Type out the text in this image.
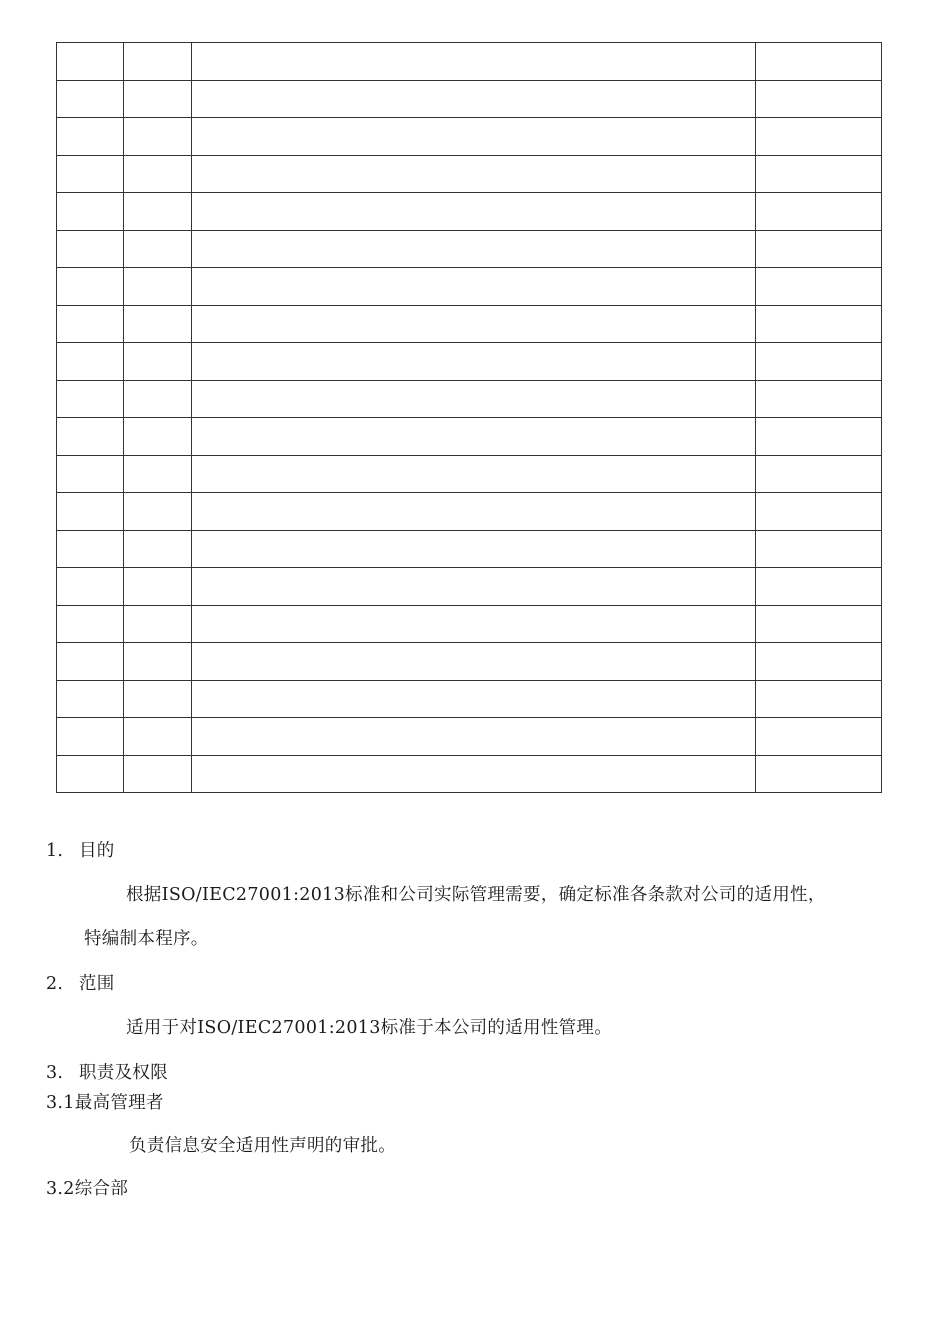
1. 目的
根据ISO/IEC27001:2013标准和公司实际管理需要，确定标准各条款对公司的适用性，
特编制本程序。
2. 范围
适用于对ISO/IEC27001:2013标准于本公司的适用性管理。
3. 职责及权限
3.1最高管理者
负责信息安全适用性声明的审批。
3.2综合部
